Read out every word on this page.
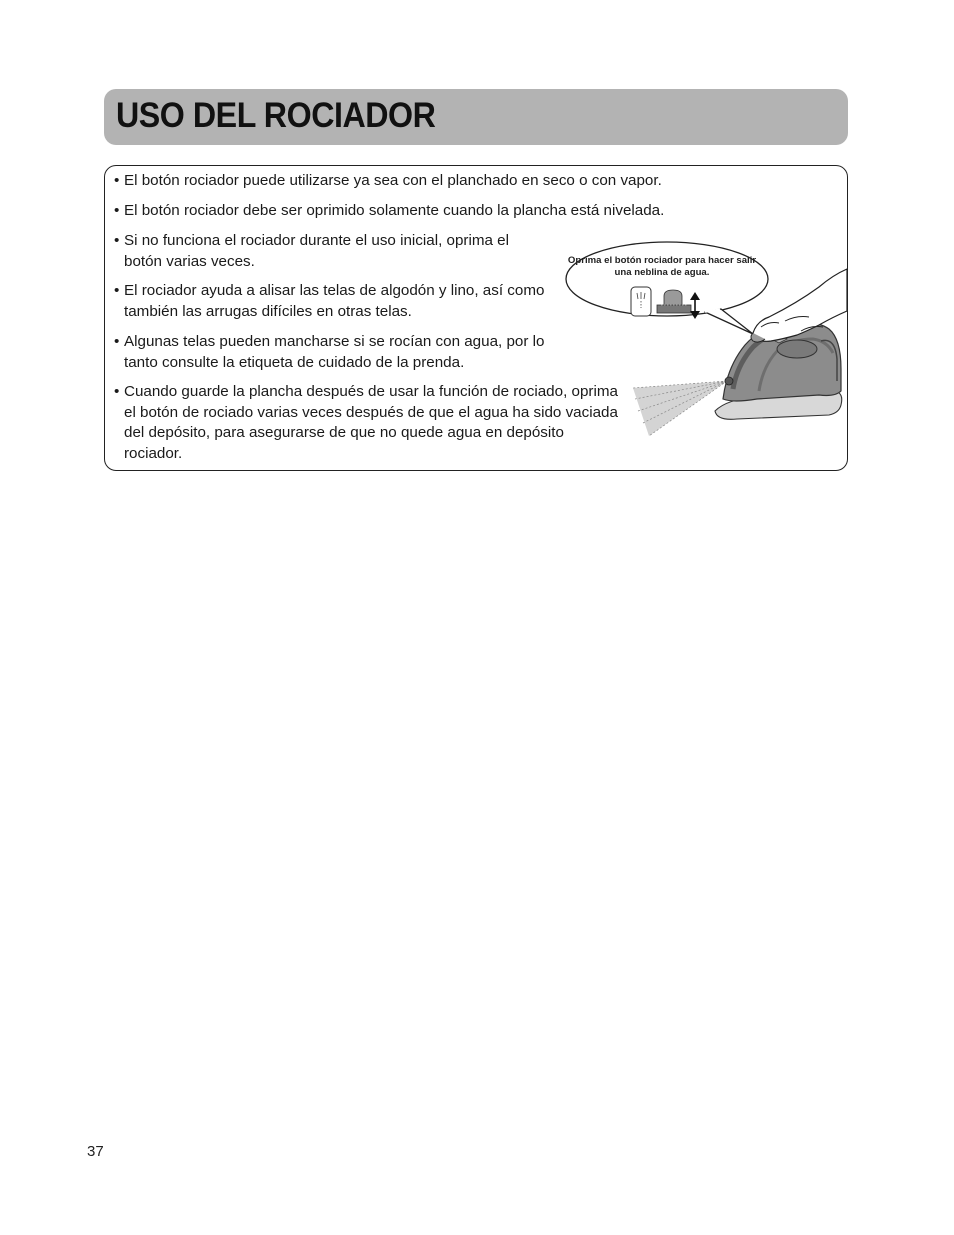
USO DEL ROCIADOR
• El botón rociador puede utilizarse ya sea con el planchado en seco o con vapor.
• El botón rociador debe ser oprimido solamente cuando la plancha está nivelada.
• Si no funciona el rociador durante el uso inicial, oprima el botón varias veces.
• El rociador ayuda a alisar las telas de algodón y lino, así como también las arrugas difíciles en otras telas.
• Algunas telas pueden mancharse si se rocían con agua, por lo tanto consulte la etiqueta de cuidado de la prenda.
• Cuando guarde la plancha después de usar la función de rociado, oprima el botón de rociado varias veces después de que el agua ha sido vaciada del depósito, para asegurarse de que no quede agua en depósito rociador.
Oprima el botón rociador para hacer salir una neblina de agua.
37
